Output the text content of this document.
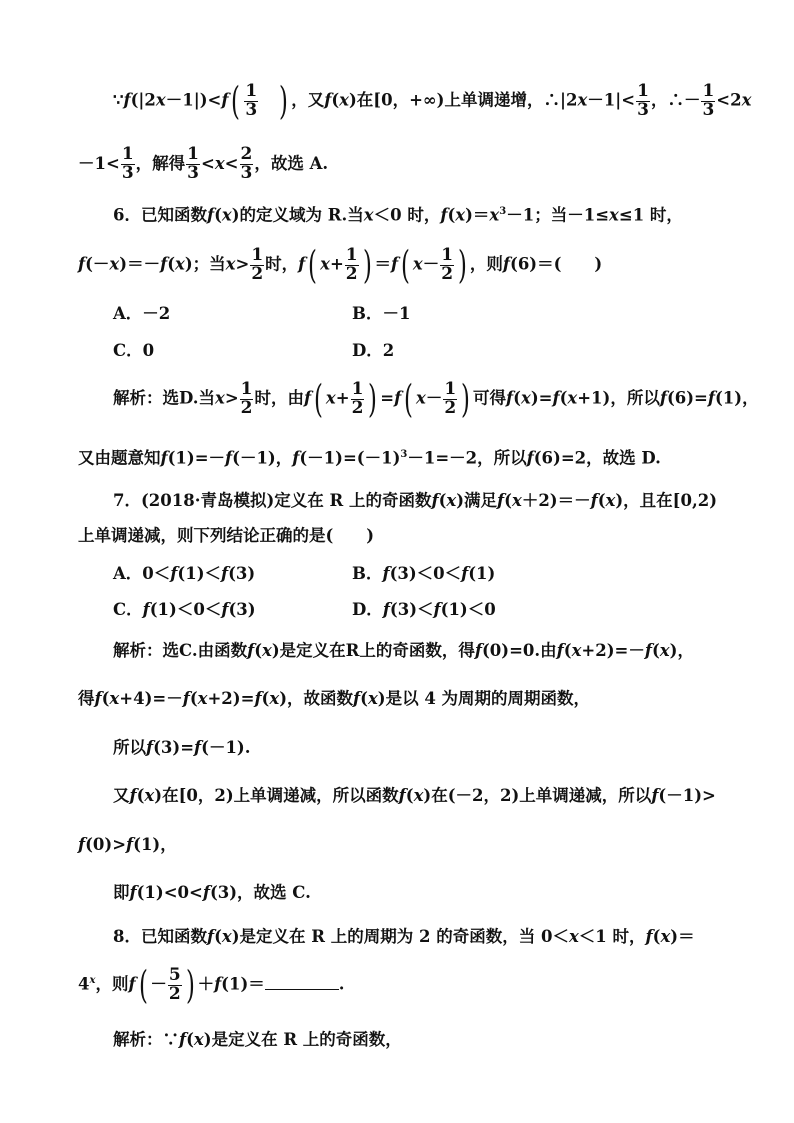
∵f(|2x－1|)<f( $\frac{1}{3}$ ) ，又f(x)在[0，+∞)上单调递增，∴|2x－1|< $\frac{1}{3}$ ，∴－ $\frac{1}{3} <2x$
$-1< \frac{1}{3}$ ，解得 $\frac{1}{3} <x< \frac{2}{3}$ ，故选 A.
6．已知函数f(x)的定义域为 R.当x＜0 时，$f(x)=x^3-1$；当－1≤x≤1 时，
f(－x)＝－f(x)；当$x> \frac{1}{2}$ 时，f( $x+ \frac{1}{2}$ ) ＝f( $x- \frac{1}{2}$ ) ，则f(6)＝(　　)
A．－2	B．－1
C．0	D．2
解析：选D.当$x> \frac{1}{2}$ 时，由f( $x+ \frac{1}{2}$ ) =f( $x- \frac{1}{2}$ ) 可得f(x)=f(x+1)，所以f(6)=f(1)，
又由题意知f(1)=－f(－1)，$f(-1)=(-1)^3-1=-2$，所以f(6)=2，故选 D.
7．(2018·青岛模拟)定义在 R 上的奇函数f(x)满足f(x＋2)＝－f(x)，且在[0,2)
上单调递减，则下列结论正确的是(　　)
A．0＜f(1)＜f(3)	B．f(3)＜0＜f(1)
C．f(1)＜0＜f(3)	D．f(3)＜f(1)＜0
解析：选C.由函数f(x)是定义在R上的奇函数，得f(0)=0.由f(x+2)=－f(x)，
得f(x+4)=－f(x+2)=f(x)，故函数f(x)是以 4 为周期的周期函数，
所以f(3)=f(－1).
又f(x)在[0，2)上单调递减，所以函数f(x)在(－2，2)上单调递减，所以f(－1)>
f(0)>f(1)，
即f(1)<0<f(3)，故选 C.
8．已知函数f(x)是定义在 R 上的周期为 2 的奇函数，当 0＜x＜1 时，f(x)＝
$4^x$，则$f( - \frac{5}{2}$ ) ＋f(1)＝	.
解析：∵f(x)是定义在 R 上的奇函数，
